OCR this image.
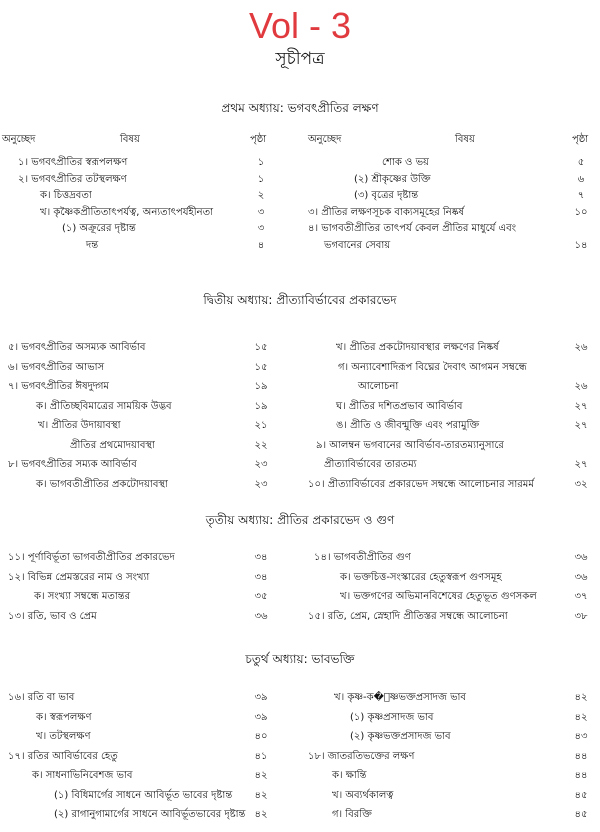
Vol - 3
সূচীপত্র
প্রথম অধ্যায়: ভগবৎপ্রীতির লক্ষণ
অনুচ্ছেদ	বিষয়	পৃষ্ঠা	অনুচ্ছেদ	বিষয়	পৃষ্ঠা
১। ভগবৎপ্রীতির স্বরূপলক্ষণ	১
২। ভগবৎপ্রীতির তটস্থলক্ষণ	১
ক। চিত্তদ্রবতা	২
খ। কৃষ্ণৈকপ্রীতিতাৎপর্যত্ব, অন্যতাৎপর্যহীনতা	৩
(১) অক্রূরের দৃষ্টান্ত	৩
দন্ত	৪
শোক ও ভয়	৫
(২) শ্রীকৃষ্ণের উক্তি	৬
(৩) বৃত্রের দৃষ্টান্ত	৭
৩। প্রীতির লক্ষণসূচক বাক্যসমূহের নিষ্কর্ষ	১০
৪। ভাগবতীপ্রীতির তাৎপর্য কেবল প্রীতির মাধুর্যে এবং
ভগবানের সেবায়	১৪
দ্বিতীয় অধ্যায়: প্রীত্যাবির্ভাবের প্রকারভেদ
৫। ভগবৎপ্রীতির অসম্যক আবির্ভাব	১৫
৬। ভগবৎপ্রীতির আভাস	১৫
৭। ভগবৎপ্রীতির ঈষদুদ্গম	১৯
ক। প্রীতিচ্ছবিমাত্রের সাময়িক উদ্ভব	১৯
খ। প্রীতির উদায়াবস্থা	২১
প্রীতির প্রথমোদয়াবস্থা	২২
৮। ভগবৎপ্রীতির সম্যক আবির্ভাব	২৩
ক। ভাগবতীপ্রীতির প্রকটোদয়াবস্থা	২৩
খ। প্রীতির প্রকটোদয়াবস্থার লক্ষণের নিষ্কর্ষ	২৬
গ। অন্যাবেশাদিরূপ বিঘ্নের দৈবাৎ আগমন সম্বন্ধে
আলোচনা	২৬
ঘ। প্রীতির দশিতপ্রভাব আবির্ভাব	২৭
ঙ। প্রীতি ও জীবন্মুক্তি এবং পরামুক্তি	২৭
৯। আলম্বন ভগবানের আবির্ভাব-তারতম্যানুসারে
প্রীত্যাবির্ভাবের তারতম্য	২৭
১০। প্রীত্যাবির্ভাবের প্রকারভেদ সম্বন্ধে আলোচনার সারমর্ম	৩২
তৃতীয় অধ্যায়: প্রীতির প্রকারভেদ ও গুণ
১১। পূর্ণাবির্ভূতা ভাগবতীপ্রীতির প্রকারভেদ	৩৪
১২। বিভিন্ন প্রেমস্তরের নাম ও সংখ্যা	৩৪
ক। সংখ্যা সম্বন্ধে মতান্তর	৩৫
১৩। রতি, ভাব ও প্রেম	৩৬
১৪। ভাগবতীপ্রীতির গুণ	৩৬
ক। ভক্তচিত্ত-সংস্কারের হেতুস্বরূপ গুণসমূহ	৩৬
খ। ভক্তগণের অভিমানবিশেষের হেতুভূত গুণসকল	৩৭
১৫। রতি, প্রেম, স্নেহাদি প্রীতিস্তর সম্বন্ধে আলোচনা	৩৮
চতুর্থ অধ্যায়: ভাবভক্তি
১৬। রতি বা ভাব	৩৯
ক। স্বরূপলক্ষণ	৩৯
খ। তটস্থলক্ষণ	৪০
১৭। রতির আবির্ভাবের হেতু	৪১
ক। সাধনাভিনিবেশজ ভাব	৪২
(১) বিধিমার্গের সাধনে আবির্ভূত ভাবের দৃষ্টান্ত	৪২
(২) রাগানুগামার্গের সাধনে আবির্ভূতভাবের দৃষ্টান্ত ৪২
খ। কৃষ্ণ-ক�ৃষ্ণভক্তপ্রসাদজ ভাব	৪২
(১) কৃষ্ণপ্রসাদজ ভাব	৪২
(২) কৃষ্ণভক্তপ্রসাদজ ভাব	৪৩
১৮। জাতরতিভক্তের লক্ষণ	৪৪
ক। ক্ষান্তি	৪৪
খ। অব্যর্থকালত্ব	৪৫
গ। বিরক্তি	৪৫
